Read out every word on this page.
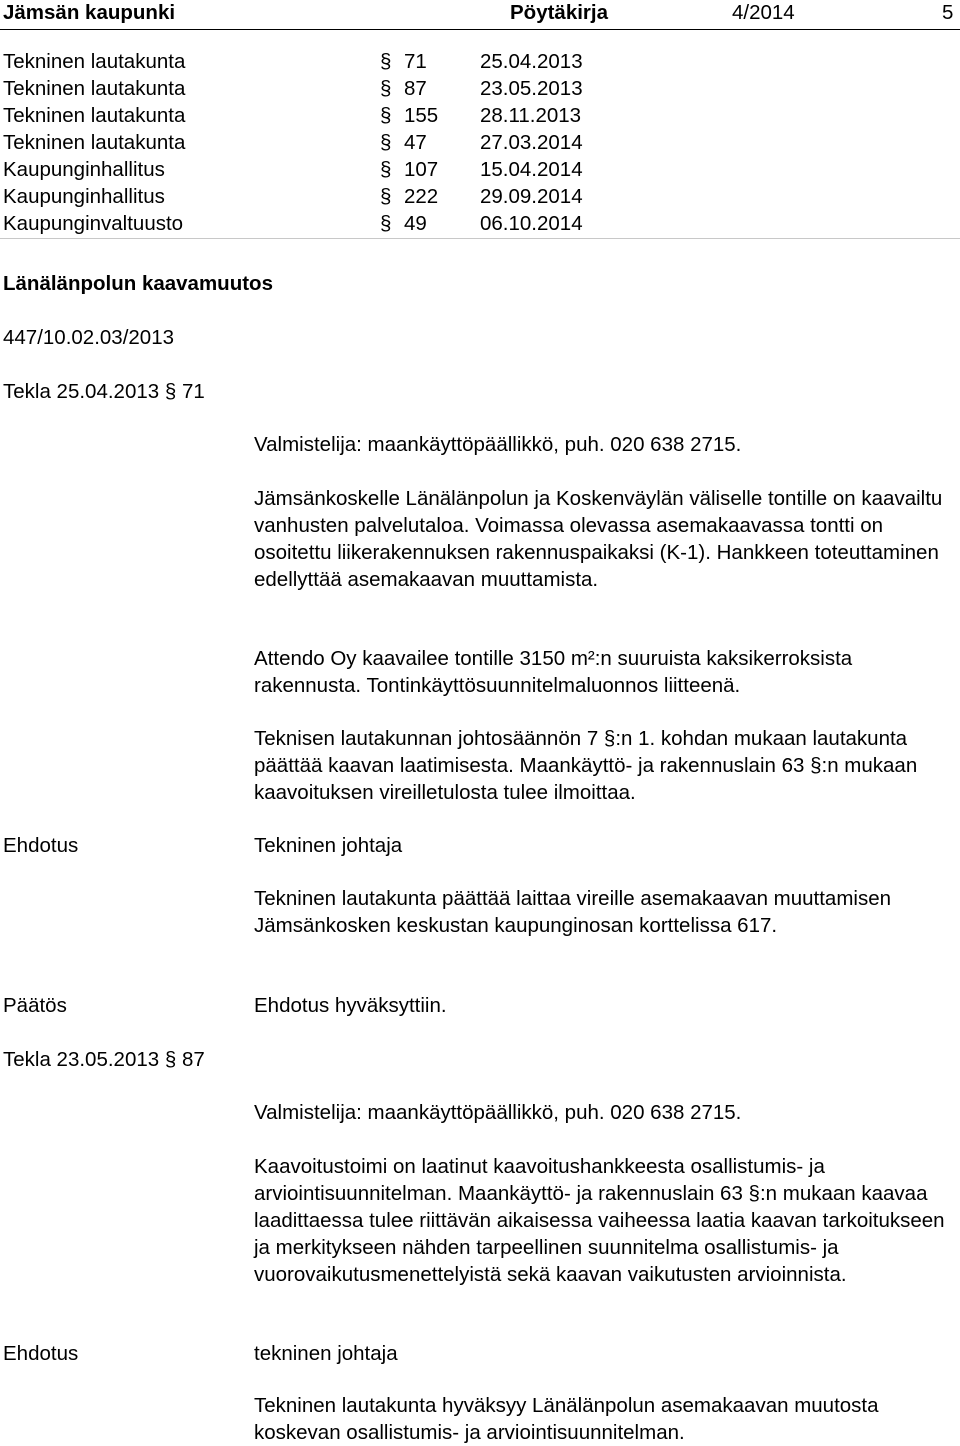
Jämsän kaupunki	Pöytäkirja	4/2014	5
Tekninen lautakunta	§ 71	25.04.2013
Tekninen lautakunta	§ 87	23.05.2013
Tekninen lautakunta	§ 155 28.11.2013
Tekninen lautakunta	§ 47	27.03.2014
Kaupunginhallitus	§ 107 15.04.2014
Kaupunginhallitus	§ 222 29.09.2014
Kaupunginvaltuusto	§ 49	06.10.2014
Länälänpolun kaavamuutos
447/10.02.03/2013
Tekla 25.04.2013 § 71
Valmistelija: maankäyttöpäällikkö, puh. 020 638 2715.
Jämsänkoskelle Länälänpolun ja Koskenväylän väliselle tontille on kaavailtu vanhusten palvelutaloa. Voimassa olevassa asemakaavassa tontti on osoitettu liikerakennuksen rakennuspaikaksi (K-1). Hankkeen toteuttaminen edellyttää asemakaavan muuttamista.
Attendo Oy kaavailee tontille 3150 m²:n suuruista kaksikerroksista rakennusta. Tontinkäyttösuunnitelmaluonnos liitteenä.
Teknisen lautakunnan johtosäännön 7 §:n 1. kohdan mukaan lautakunta päättää kaavan laatimisesta. Maankäyttö- ja rakennuslain 63 §:n mukaan kaavoituksen vireilletulosta tulee ilmoittaa.
Ehdotus	Tekninen johtaja
Tekninen lautakunta päättää laittaa vireille asemakaavan muuttamisen Jämsänkosken keskustan kaupunginosan korttelissa 617.
Päätös	Ehdotus hyväksyttiin.
Tekla 23.05.2013 § 87
Valmistelija: maankäyttöpäällikkö, puh. 020 638 2715.
Kaavoitustoimi on laatinut kaavoitushankkeesta osallistumis- ja arviointisuunnitelman. Maankäyttö- ja rakennuslain 63 §:n mukaan kaavaa laadittaessa tulee riittävän aikaisessa vaiheessa laatia kaavan tarkoitukseen ja merkitykseen nähden tarpeellinen suunnitelma osallistumis- ja vuorovaikutusmenettelyistä sekä kaavan vaikutusten arvioinnista.
Ehdotus	tekninen johtaja
Tekninen lautakunta hyväksyy Länälänpolun asemakaavan muutosta koskevan osallistumis- ja arviointisuunnitelman.
